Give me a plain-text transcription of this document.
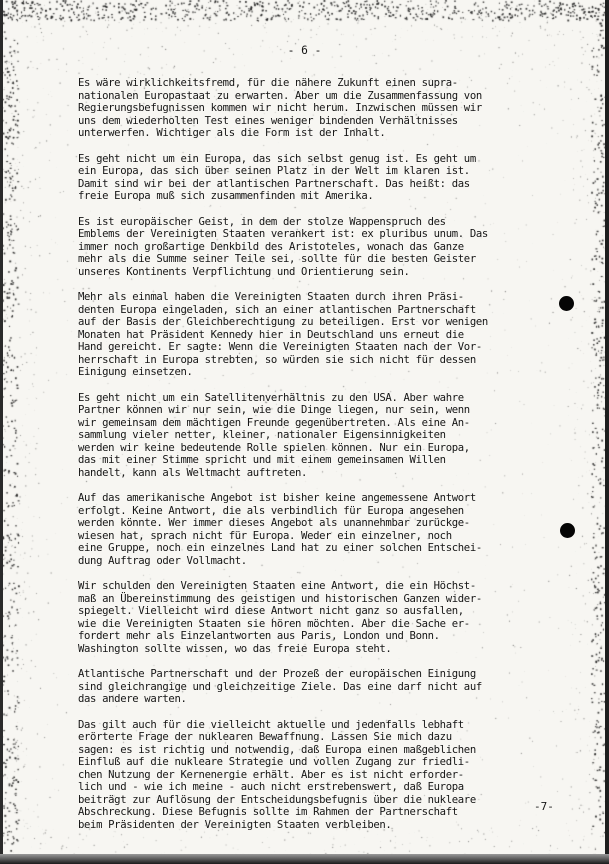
- 6 -
Es wäre wirklichkeitsfremd, für die nähere Zukunft einen supra-
nationalen Europastaat zu erwarten. Aber um die Zusammenfassung von
Regierungsbefugnissen kommen wir nicht herum. Inzwischen müssen wir
uns dem wiederholten Test eines weniger bindenden Verhältnisses
unterwerfen. Wichtiger als die Form ist der Inhalt.
Es geht nicht um ein Europa, das sich selbst genug ist. Es geht um
ein Europa, das sich über seinen Platz in der Welt im klaren ist.
Damit sind wir bei der atlantischen Partnerschaft. Das heißt: das
freie Europa muß sich zusammenfinden mit Amerika.
Es ist europäischer Geist, in dem der stolze Wappenspruch des
Emblems der Vereinigten Staaten verankert ist: ex pluribus unum. Das
immer noch großartige Denkbild des Aristoteles, wonach das Ganze
mehr als die Summe seiner Teile sei, sollte für die besten Geister
unseres Kontinents Verpflichtung und Orientierung sein.
Mehr als einmal haben die Vereinigten Staaten durch ihren Präsi-
denten Europa eingeladen, sich an einer atlantischen Partnerschaft
auf der Basis der Gleichberechtigung zu beteiligen. Erst vor wenigen
Monaten hat Präsident Kennedy hier in Deutschland uns erneut die
Hand gereicht. Er sagte: Wenn die Vereinigten Staaten nach der Vor-
herrschaft in Europa strebten, so würden sie sich nicht für dessen
Einigung einsetzen.
Es geht nicht um ein Satellitenverhältnis zu den USA. Aber wahre
Partner können wir nur sein, wie die Dinge liegen, nur sein, wenn
wir gemeinsam dem mächtigen Freunde gegenübertreten. Als eine An-
sammlung vieler netter, kleiner, nationaler Eigensinnigkeiten
werden wir keine bedeutende Rolle spielen können. Nur ein Europa,
das mit einer Stimme spricht und mit einem gemeinsamen Willen
handelt, kann als Weltmacht auftreten.
Auf das amerikanische Angebot ist bisher keine angemessene Antwort
erfolgt. Keine Antwort, die als verbindlich für Europa angesehen
werden könnte. Wer immer dieses Angebot als unannehmbar zurückge-
wiesen hat, sprach nicht für Europa. Weder ein einzelner, noch
eine Gruppe, noch ein einzelnes Land hat zu einer solchen Entschei-
dung Auftrag oder Vollmacht.
Wir schulden den Vereinigten Staaten eine Antwort, die ein Höchst-
maß an Übereinstimmung des geistigen und historischen Ganzen wider-
spiegelt. Vielleicht wird diese Antwort nicht ganz so ausfallen,
wie die Vereinigten Staaten sie hören möchten. Aber die Sache er-
fordert mehr als Einzelantworten aus Paris, London und Bonn.
Washington sollte wissen, wo das freie Europa steht.
Atlantische Partnerschaft und der Prozeß der europäischen Einigung
sind gleichrangige und gleichzeitige Ziele. Das eine darf nicht auf
das andere warten.
Das gilt auch für die vielleicht aktuelle und jedenfalls lebhaft
erörterte Frage der nuklearen Bewaffnung. Lassen Sie mich dazu
sagen: es ist richtig und notwendig, daß Europa einen maßgeblichen
Einfluß auf die nukleare Strategie und vollen Zugang zur friedli-
chen Nutzung der Kernenergie erhält. Aber es ist nicht erforder-
lich und - wie ich meine - auch nicht erstrebenswert, daß Europa
beiträgt zur Auflösung der Entscheidungsbefugnis über die nukleare
Abschreckung. Diese Befugnis sollte im Rahmen der Partnerschaft
beim Präsidenten der Vereinigten Staaten verbleiben.
-7-
